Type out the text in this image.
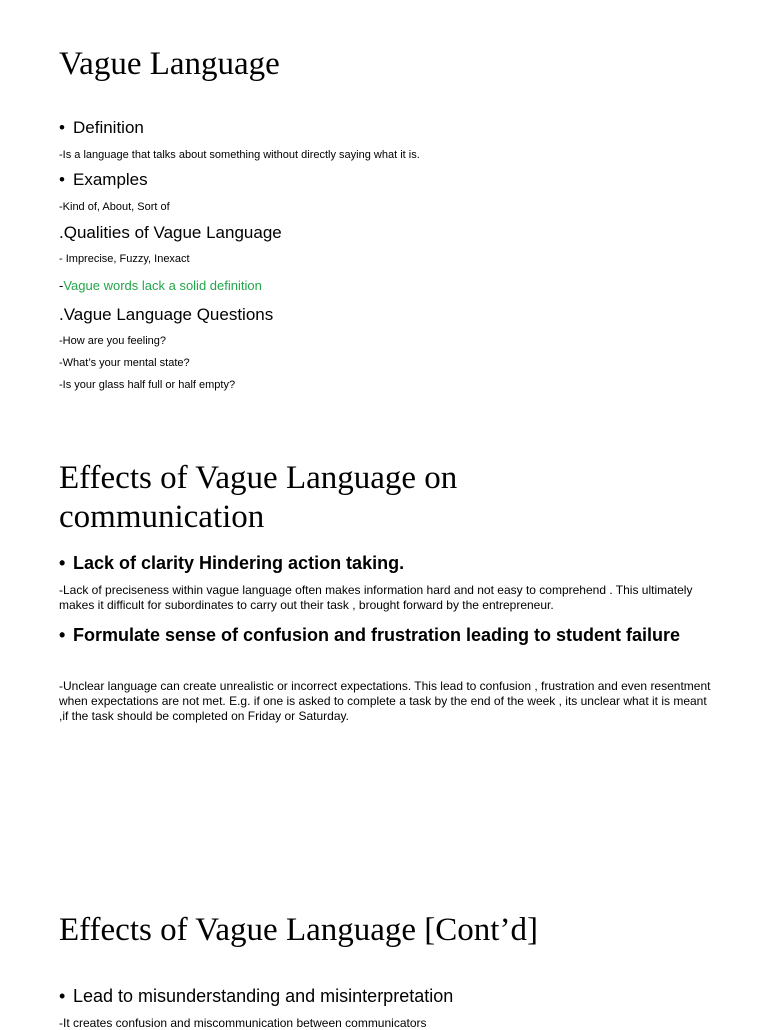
Vague Language

• Definition

-Is a language that talks about something without directly saying what it is.

• Examples

-Kind of, About, Sort of

.Qualities of Vague Language

- Imprecise, Fuzzy, Inexact

-Vague words lack a solid definition

.Vague Language Questions

-How are you feeling?

-What’s your mental state?

-Is your glass half full or half empty?

Effects of Vague Language on
communication

• Lack of clarity Hindering action taking.

-Lack of preciseness within vague language often makes information hard and not easy to comprehend . This ultimately makes it difficult for subordinates to carry out their task , brought forward by the entrepreneur.

• Formulate sense of confusion and frustration leading to student failure

-Unclear language can create unrealistic or incorrect expectations. This lead to confusion , frustration and even resentment when expectations are not met. E.g. if one is asked to complete a task by the end of the week , its unclear what it is meant ,if the task should be completed on Friday or Saturday.

Effects of Vague Language [Cont’d]

• Lead to misunderstanding and misinterpretation

-It creates confusion and miscommunication between communicators
